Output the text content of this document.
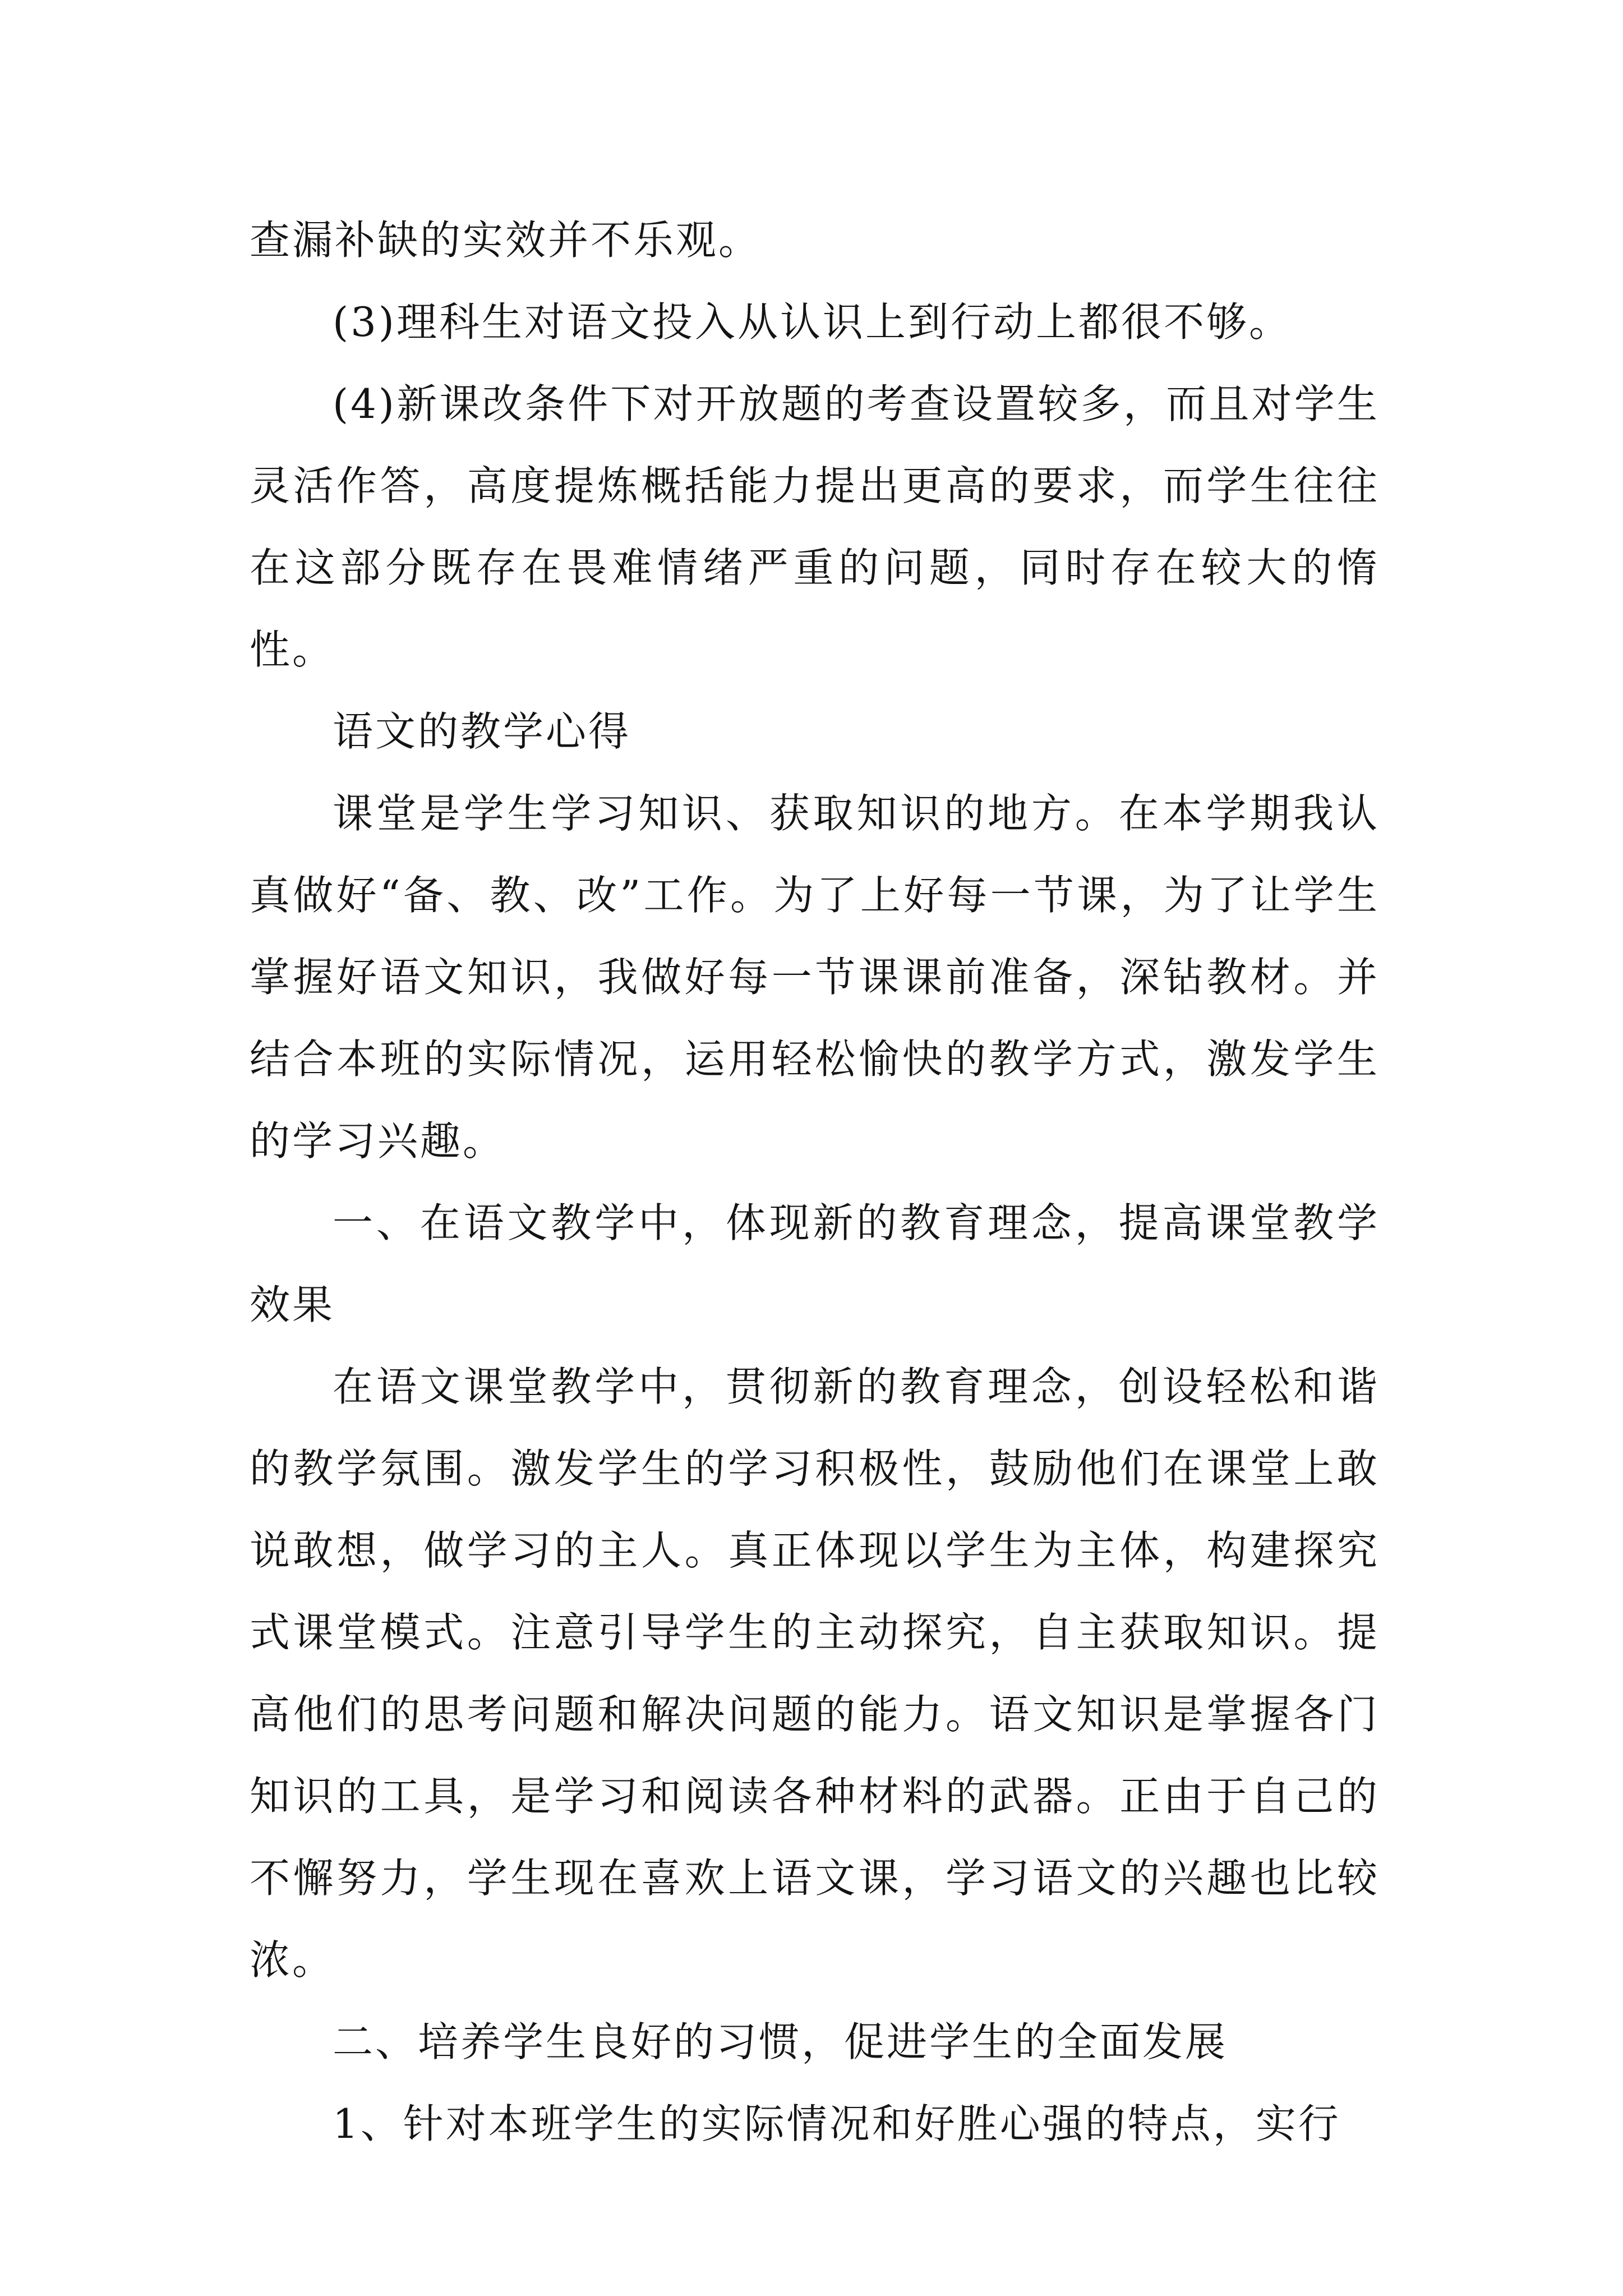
查漏补缺的实效并不乐观。

(3)理科生对语文投入从认识上到行动上都很不够。

(4)新课改条件下对开放题的考查设置较多，而且对学生灵活作答，高度提炼概括能力提出更高的要求，而学生往往在这部分既存在畏难情绪严重的问题，同时存在较大的惰性。

语文的教学心得

课堂是学生学习知识、获取知识的地方。在本学期我认真做好“备、教、改”工作。为了上好每一节课，为了让学生掌握好语文知识，我做好每一节课课前准备，深钻教材。并结合本班的实际情况，运用轻松愉快的教学方式，激发学生的学习兴趣。

一、在语文教学中，体现新的教育理念，提高课堂教学效果

在语文课堂教学中，贯彻新的教育理念，创设轻松和谐的教学氛围。激发学生的学习积极性，鼓励他们在课堂上敢说敢想，做学习的主人。真正体现以学生为主体，构建探究式课堂模式。注意引导学生的主动探究，自主获取知识。提高他们的思考问题和解决问题的能力。语文知识是掌握各门知识的工具，是学习和阅读各种材料的武器。正由于自己的不懈努力，学生现在喜欢上语文课，学习语文的兴趣也比较浓。

二、培养学生良好的习惯，促进学生的全面发展

1、针对本班学生的实际情况和好胜心强的特点，实行
